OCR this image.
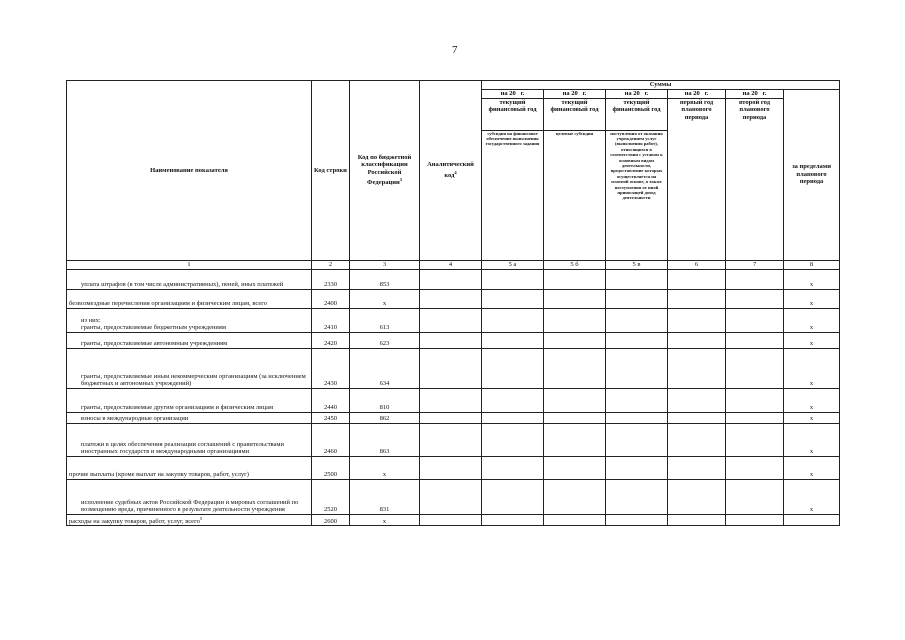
7
Наименование показателя	Код строки	Код по бюджетной классификации Российской Федерации$^3$	Аналитический код$^4$	Суммы					
				на 20 г.	на 20 г.	на 20 г.	на 20 г.	на 20 г.	за пределами планового периода
				текущий финансовый год	текущий финансовый год	текущий финансовый год	первый год планового периода	второй год планового периода	
				субсидия на финансовое обеспечение выполнения государственного задания	целевые субсидии	поступления от оказания учреждением услуг (выполнения работ), относящихся в соответствии с уставом к основным видам деятельности, предоставление которых осуществляется на платной основе, а также поступления от иной приносящей доход деятельности			
1	2	3	4	5 а	5 б	5 в	6	7	8
уплата штрафов (в том числе административных), пеней, иных платежей	2330	853							x
безвозмездные перечисления организациям и физическим лицам, всего	2400	x							x
из них:
гранты, предоставляемые бюджетным учреждениям	2410	613							x
гранты, предоставляемые автономным учреждениям	2420	623							x
гранты, предоставляемые иным некоммерческим организациям (за исключением бюджетных и автономных учреждений)	2430	634							x
гранты, предоставляемые другим организациям и физическим лицам	2440	810							x
взносы в международные организации	2450	862							x
платежи в целях обеспечения реализации соглашений с правительствами иностранных государств и международными организациями	2460	863							x
прочие выплаты (кроме выплат на закупку товаров, работ, услуг)	2500	x							x
исполнение судебных актов Российской Федерации и мировых соглашений по возмещению вреда, причиненного в результате деятельности учреждения	2520	831							x
расходы на закупку товаров, работ, услуг, всего$^5$	2600	x							
